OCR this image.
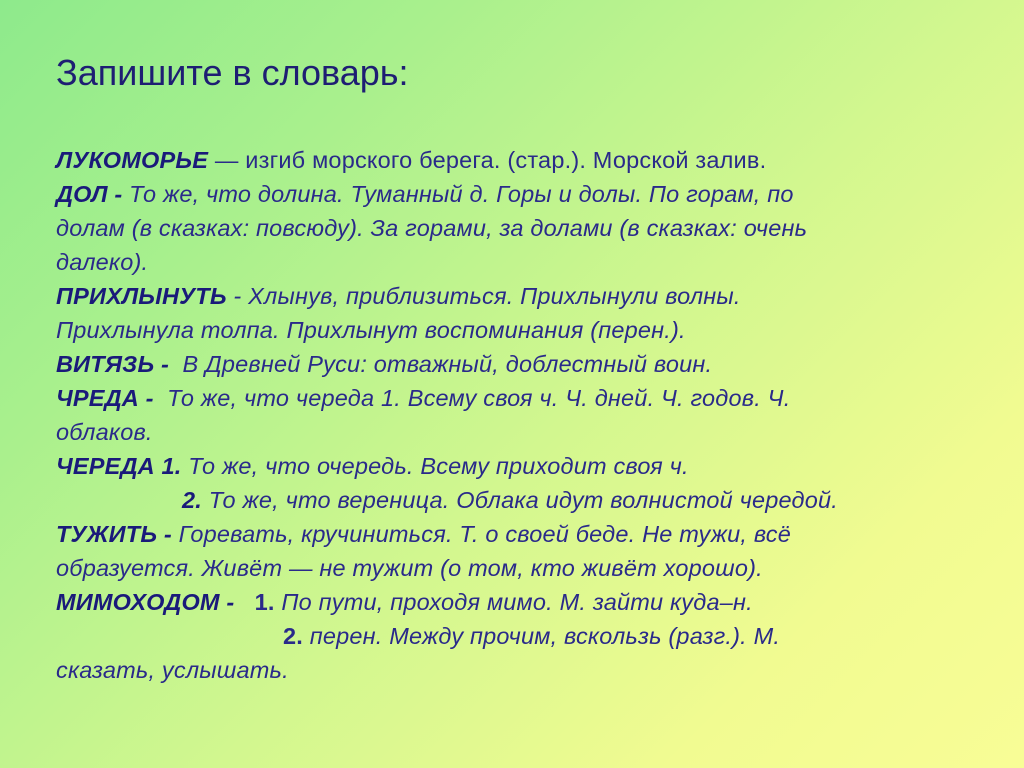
Запишите в словарь:
ЛУКОМОРЬЕ — изгиб морского берега. (стар.). Морской залив.
ДОЛ - То же, что долина. Туманный д. Горы и долы. По горам, по
долам (в сказках: повсюду). За горами, за долами (в сказках: очень
далеко).
ПРИХЛЫНУТЬ - Хлынув, приблизиться. Прихлынули волны.
Прихлынула толпа. Прихлынут воспоминания (перен.).
ВИТЯЗЬ -  В Древней Руси: отважный, доблестный воин.
ЧРЕДА -  То же, что череда 1. Всему своя ч. Ч. дней. Ч. годов. Ч.
облаков.
ЧЕРЕДА 1. То же, что очередь. Всему приходит своя ч.
2. То же, что вереница. Облака идут волнистой чередой.
ТУЖИТЬ - Горевать, кручиниться. Т. о своей беде. Не тужи, всё
образуется. Живёт — не тужит (о том, кто живёт хорошо).
МИМОХОДОМ -   1. По пути, проходя мимо. М. зайти куда–н.
2. перен. Между прочим, вскользь (разг.). М.
сказать, услышать.
